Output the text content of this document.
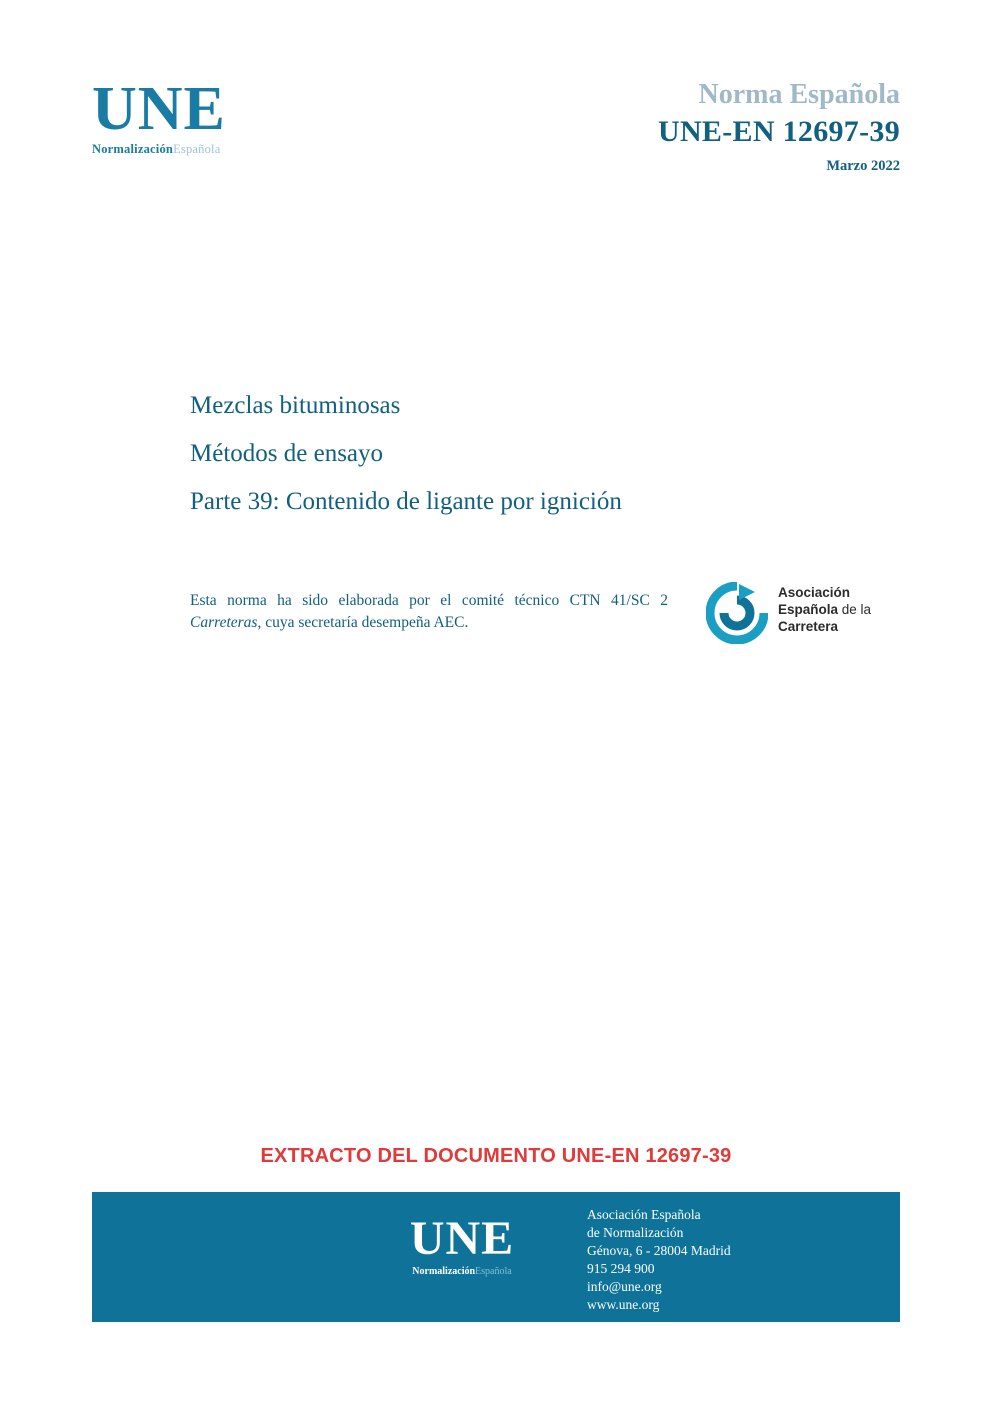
UNE
NormalizaciónEspañola
Norma Española
UNE-EN 12697-39
Marzo 2022
Mezclas bituminosas
Métodos de ensayo
Parte 39: Contenido de ligante por ignición
Esta norma ha sido elaborada por el comité técnico CTN 41/SC 2 Carreteras, cuya secretaría desempeña AEC.
Asociación
Española de la
Carretera
EXTRACTO DEL DOCUMENTO UNE-EN 12697-39
UNE
NormalizaciónEspañola
Asociación Española
de Normalización
Génova, 6 - 28004 Madrid
915 294 900
info@une.org
www.une.org
